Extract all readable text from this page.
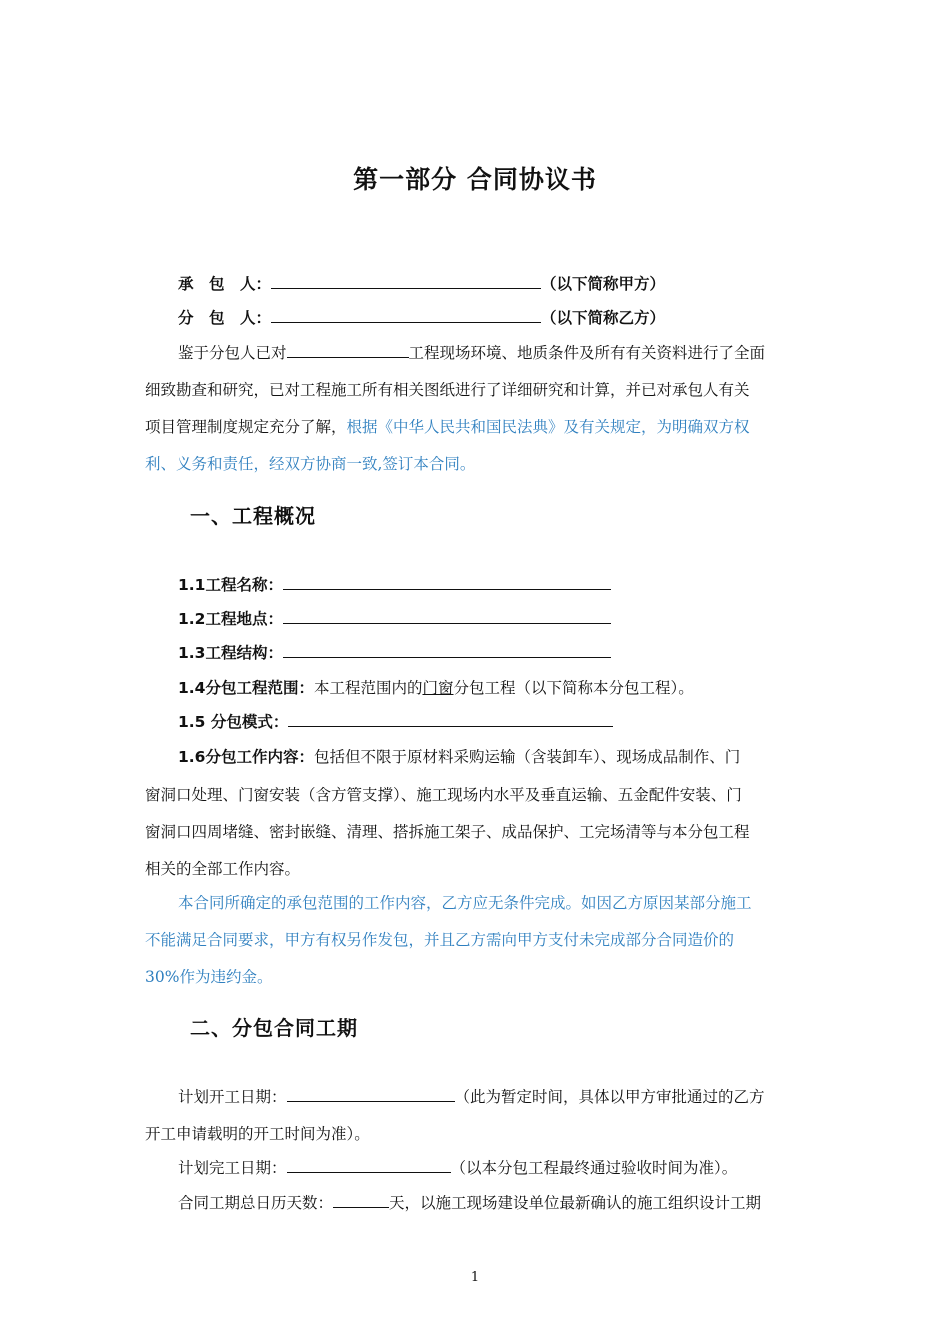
第一部分 合同协议书
承　包　人：	（以下简称甲方）
分　包　人：	（以下简称乙方）
鉴于分包人已对	工程现场环境、地质条件及所有有关资料进行了全面
细致勘查和研究，已对工程施工所有相关图纸进行了详细研究和计算，并已对承包人有关
项目管理制度规定充分了解，根据《中华人民共和国民法典》及有关规定，为明确双方权
利、义务和责任，经双方协商一致,签订本合同。
一、工程概况
1.1工程名称：
1.2工程地点：
1.3工程结构：
1.4分包工程范围：本工程范围内的门窗分包工程（以下简称本分包工程）。
1.5 分包模式：
1.6分包工作内容：包括但不限于原材料采购运输（含装卸车）、现场成品制作、门
窗洞口处理、门窗安装（含方管支撑）、施工现场内水平及垂直运输、五金配件安装、门
窗洞口四周堵缝、密封嵌缝、清理、搭拆施工架子、成品保护、工完场清等与本分包工程
相关的全部工作内容。
本合同所确定的承包范围的工作内容，乙方应无条件完成。如因乙方原因某部分施工
不能满足合同要求，甲方有权另作发包，并且乙方需向甲方支付未完成部分合同造价的
30%作为违约金。
二、分包合同工期
计划开工日期：	（此为暂定时间，具体以甲方审批通过的乙方
开工申请载明的开工时间为准）。
计划完工日期：	（以本分包工程最终通过验收时间为准）。
合同工期总日历天数：	天，以施工现场建设单位最新确认的施工组织设计工期
1
